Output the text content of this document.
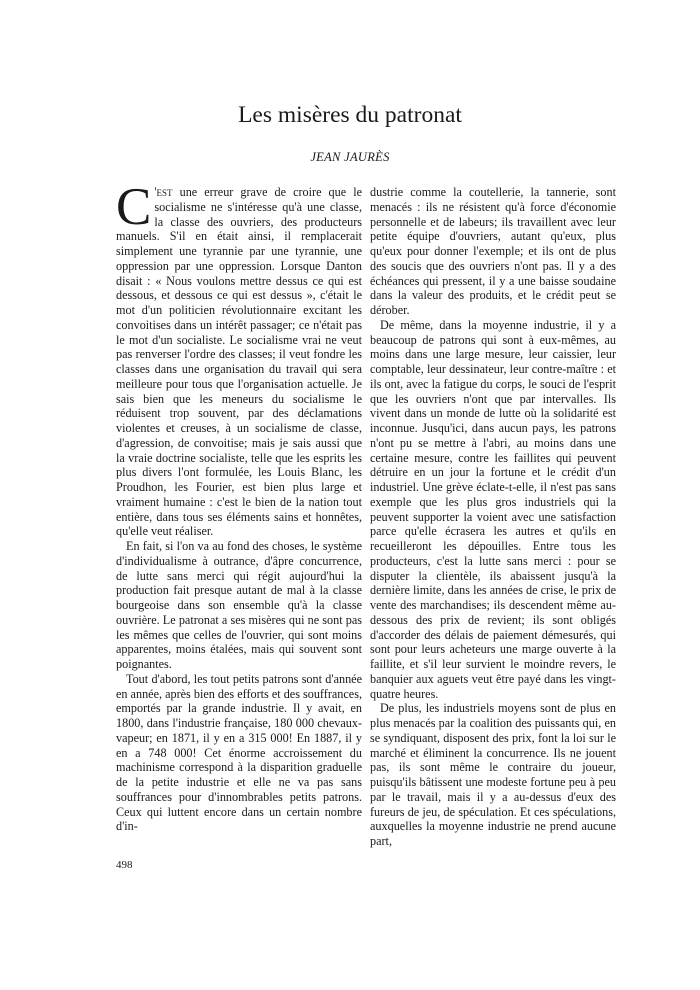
Les misères du patronat
JEAN JAURÈS

C 'est une erreur grave de croire que le socialisme ne s'intéresse qu'à une classe, la classe des ouvriers, des producteurs manuels. S'il en était ainsi, il remplacerait simplement une tyrannie par une tyrannie, une oppression par une oppression. Lorsque Danton disait : « Nous voulons mettre dessus ce qui est dessous, et dessous ce qui est dessus », c'était le mot d'un politicien révolutionnaire excitant les convoitises dans un intérêt passager; ce n'était pas le mot d'un socialiste. Le socialisme vrai ne veut pas renverser l'ordre des classes; il veut fondre les classes dans une organisation du travail qui sera meilleure pour tous que l'organisation actuelle. Je sais bien que les meneurs du socialisme le réduisent trop souvent, par des déclamations violentes et creuses, à un socialisme de classe, d'agression, de convoitise; mais je sais aussi que la vraie doctrine socialiste, telle que les esprits les plus divers l'ont formulée, les Louis Blanc, les Proudhon, les Fourier, est bien plus large et vraiment humaine : c'est le bien de la nation tout entière, dans tous ses éléments sains et honnêtes, qu'elle veut réaliser.

En fait, si l'on va au fond des choses, le système d'individualisme à outrance, d'âpre concurrence, de lutte sans merci qui régit aujourd'hui la production fait presque autant de mal à la classe bourgeoise dans son ensemble qu'à la classe ouvrière. Le patronat a ses misères qui ne sont pas les mêmes que celles de l'ouvrier, qui sont moins apparentes, moins étalées, mais qui souvent sont poignantes.

Tout d'abord, les tout petits patrons sont d'année en année, après bien des efforts et des souffrances, emportés par la grande industrie. Il y avait, en 1800, dans l'industrie française, 180 000 chevaux-vapeur; en 1871, il y en a 315 000! En 1887, il y en a 748 000! Cet énorme accroissement du machinisme correspond à la disparition graduelle de la petite industrie et elle ne va pas sans souffrances pour d'innombrables petits patrons. Ceux qui luttent encore dans un certain nombre d'in-

dustrie comme la coutellerie, la tannerie, sont menacés : ils ne résistent qu'à force d'économie personnelle et de labeurs; ils travaillent avec leur petite équipe d'ouvriers, autant qu'eux, plus qu'eux pour donner l'exemple; et ils ont de plus des soucis que des ouvriers n'ont pas. Il y a des échéances qui pressent, il y a une baisse soudaine dans la valeur des produits, et le crédit peut se dérober.

De même, dans la moyenne industrie, il y a beaucoup de patrons qui sont à eux-mêmes, au moins dans une large mesure, leur caissier, leur comptable, leur dessinateur, leur contre-maître : et ils ont, avec la fatigue du corps, le souci de l'esprit que les ouvriers n'ont que par intervalles. Ils vivent dans un monde de lutte où la solidarité est inconnue. Jusqu'ici, dans aucun pays, les patrons n'ont pu se mettre à l'abri, au moins dans une certaine mesure, contre les faillites qui peuvent détruire en un jour la fortune et le crédit d'un industriel. Une grève éclate-t-elle, il n'est pas sans exemple que les plus gros industriels qui la peuvent supporter la voient avec une satisfaction parce qu'elle écrasera les autres et qu'ils en recueilleront les dépouilles. Entre tous les producteurs, c'est la lutte sans merci : pour se disputer la clientèle, ils abaissent jusqu'à la dernière limite, dans les années de crise, le prix de vente des marchandises; ils descendent même au-dessous des prix de revient; ils sont obligés d'accorder des délais de paiement démesurés, qui sont pour leurs acheteurs une marge ouverte à la faillite, et s'il leur survient le moindre revers, le banquier aux aguets veut être payé dans les vingt-quatre heures.

De plus, les industriels moyens sont de plus en plus menacés par la coalition des puissants qui, en se syndiquant, disposent des prix, font la loi sur le marché et éliminent la concurrence. Ils ne jouent pas, ils sont même le contraire du joueur, puisqu'ils bâtissent une modeste fortune peu à peu par le travail, mais il y a au-dessus d'eux des fureurs de jeu, de spéculation. Et ces spéculations, auxquelles la moyenne industrie ne prend aucune part,

498
